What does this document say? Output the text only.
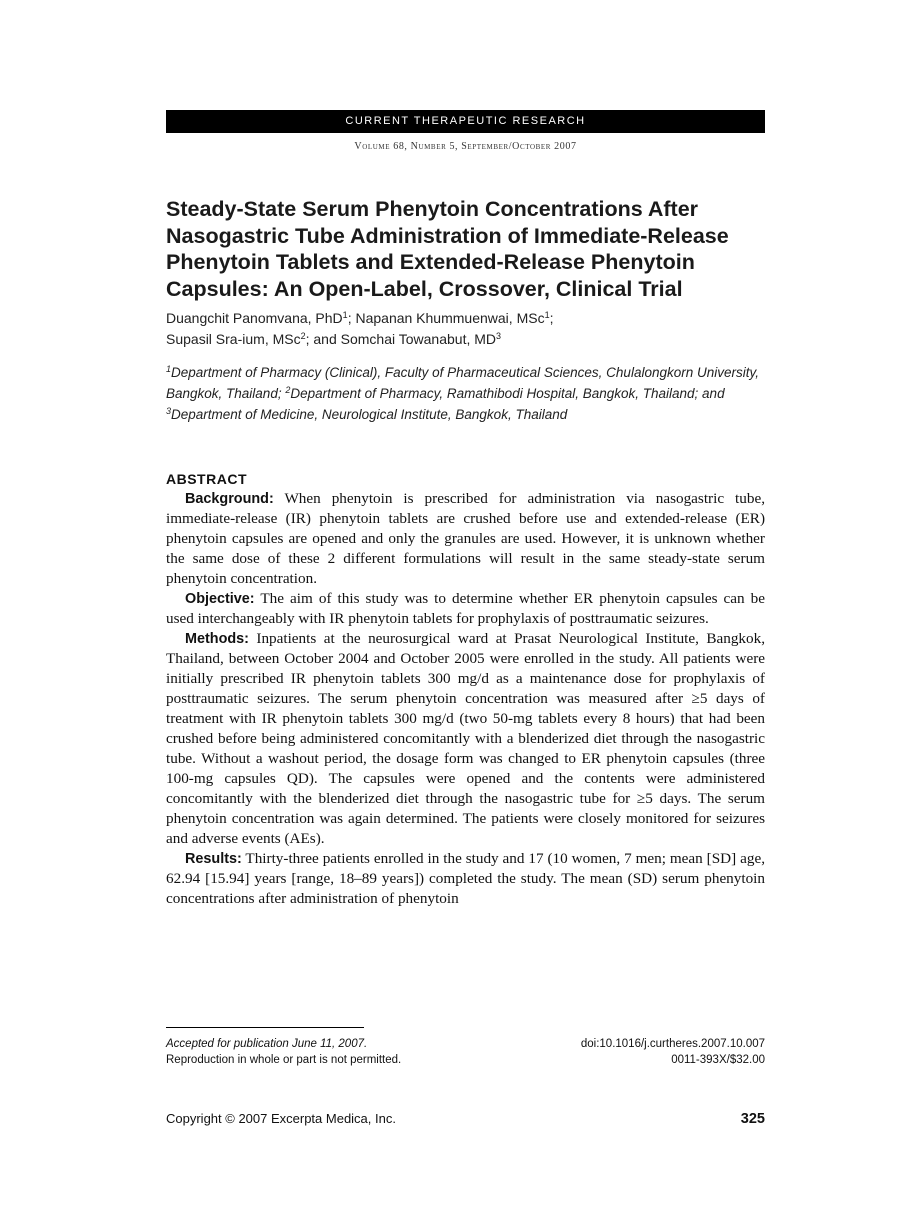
CURRENT THERAPEUTIC RESEARCH
Volume 68, Number 5, September/October 2007
Steady-State Serum Phenytoin Concentrations After Nasogastric Tube Administration of Immediate-Release Phenytoin Tablets and Extended-Release Phenytoin Capsules: An Open-Label, Crossover, Clinical Trial
Duangchit Panomvana, PhD$^1$; Napanan Khummuenwai, MSc$^1$;
Supasil Sra-ium, MSc$^2$; and Somchai Towanabut, $MD^3$
$^1$Department of Pharmacy (Clinical), Faculty of Pharmaceutical Sciences, Chulalongkorn University, Bangkok, Thailand; $^2$Department of Pharmacy, Ramathibodi Hospital, Bangkok, Thailand; and $^3$Department of Medicine, Neurological Institute, Bangkok, Thailand
ABSTRACT

Background: When phenytoin is prescribed for administration via nasogastric tube, immediate-release (IR) phenytoin tablets are crushed before use and extended-release (ER) phenytoin capsules are opened and only the granules are used. However, it is unknown whether the same dose of these 2 different formulations will result in the same steady-state serum phenytoin concentration.

Objective: The aim of this study was to determine whether ER phenytoin capsules can be used interchangeably with IR phenytoin tablets for prophylaxis of posttraumatic seizures.

Methods: Inpatients at the neurosurgical ward at Prasat Neurological Institute, Bangkok, Thailand, between October 2004 and October 2005 were enrolled in the study. All patients were initially prescribed IR phenytoin tablets 300 mg/d as a maintenance dose for prophylaxis of posttraumatic seizures. The serum phenytoin concentration was measured after ≥5 days of treatment with IR phenytoin tablets 300 mg/d (two 50-mg tablets every 8 hours) that had been crushed before being administered concomitantly with a blenderized diet through the nasogastric tube. Without a washout period, the dosage form was changed to ER phenytoin capsules (three 100-mg capsules QD). The capsules were opened and the contents were administered concomitantly with the blenderized diet through the nasogastric tube for ≥5 days. The serum phenytoin concentration was again determined. The patients were closely monitored for seizures and adverse events (AEs).

Results: Thirty-three patients enrolled in the study and 17 (10 women, 7 men; mean [SD] age, 62.94 [15.94] years [range, 18–89 years]) completed the study. The mean (SD) serum phenytoin concentrations after administration of phenytoin

Accepted for publication June 11, 2007.	doi:10.1016/j.curtheres.2007.10.007
Reproduction in whole or part is not permitted.	0011-393X/$32.00
Copyright © 2007 Excerpta Medica, Inc.	325
